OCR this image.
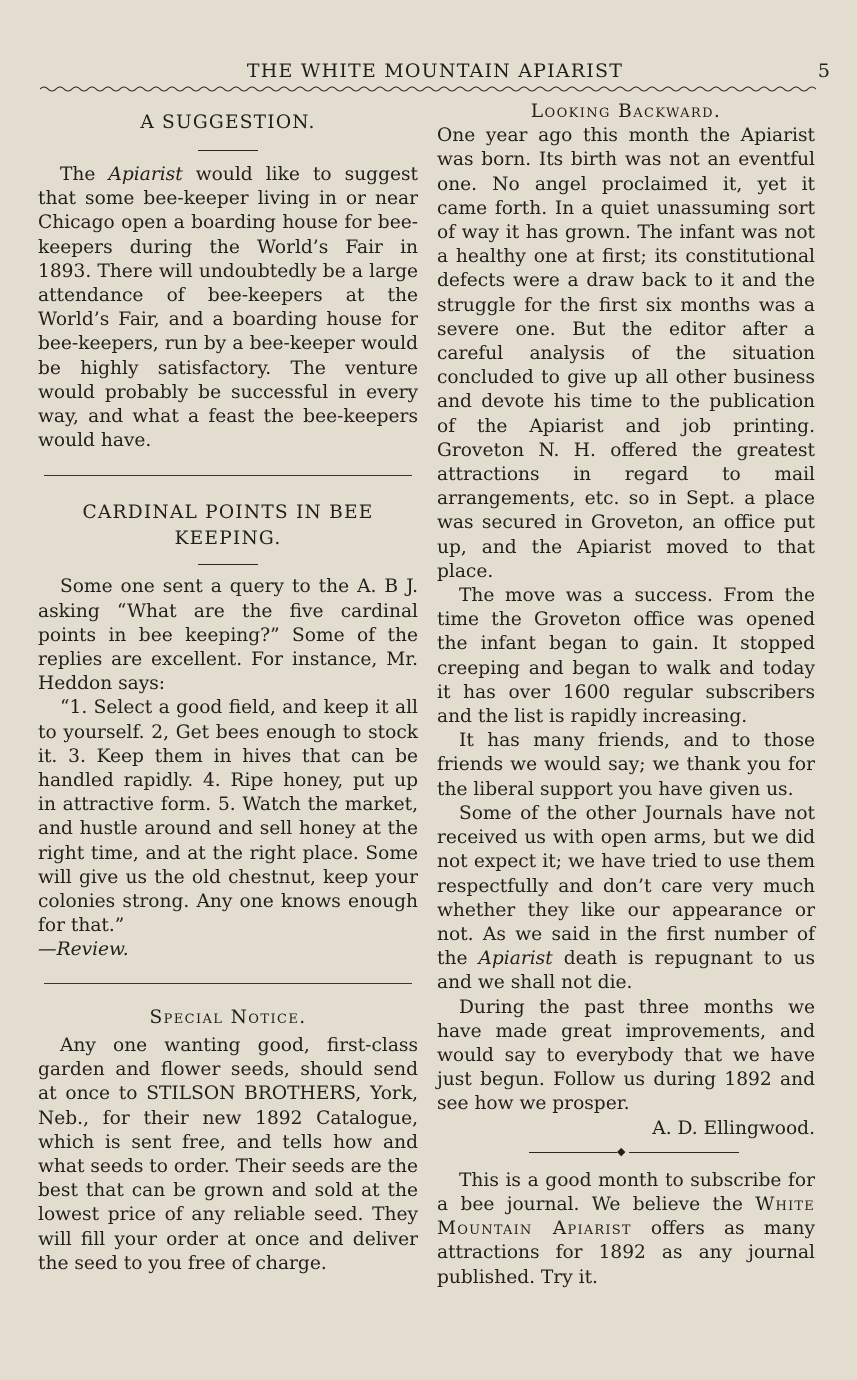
THE WHITE MOUNTAIN APIARIST	5
A SUGGESTION.

The Apiarist would like to suggest that some bee-keeper living in or near Chicago open a boarding house for bee-keepers during the World’s Fair in 1893. There will undoubtedly be a large attendance of bee-keepers at the World’s Fair, and a boarding house for bee-keepers, run by a bee-keeper would be highly satisfactory. The venture would probably be successful in every way, and what a feast the bee-keepers would have.

CARDINAL POINTS IN BEE
KEEPING.

Some one sent a query to the A. B J. asking “What are the five cardinal points in bee keeping?” Some of the replies are excellent. For instance, Mr. Heddon says:

“1. Select a good field, and keep it all to yourself. 2, Get bees enough to stock it. 3. Keep them in hives that can be handled rapidly. 4. Ripe honey, put up in attractive form. 5. Watch the market, and hustle around and sell honey at the right time, and at the right place. Some will give us the old chestnut, keep your colonies strong. Any one knows enough for that.”

—Review.

Special Notice.

Any one wanting good, first-class garden and flower seeds, should send at once to STILSON BROTHERS, York, Neb., for their new 1892 Catalogue, which is sent free, and tells how and what seeds to order. Their seeds are the best that can be grown and sold at the lowest price of any reliable seed. They will fill your order at once and deliver the seed to you free of charge.

Looking Backward.

One year ago this month the Apiarist was born. Its birth was not an eventful one. No angel proclaimed it, yet it came forth. In a quiet unassuming sort of way it has grown. The infant was not a healthy one at first; its constitutional defects were a draw back to it and the struggle for the first six months was a severe one. But the editor after a careful analysis of the situation concluded to give up all other business and devote his time to the publication of the Apiarist and job printing. Groveton N. H. offered the greatest attractions in regard to mail arrangements, etc. so in Sept. a place was secured in Groveton, an office put up, and the Apiarist moved to that place.

The move was a success. From the time the Groveton office was opened the infant began to gain. It stopped creeping and began to walk and today it has over 1600 regular subscribers and the list is rapidly increasing.

It has many friends, and to those friends we would say; we thank you for the liberal support you have given us.

Some of the other Journals have not received us with open arms, but we did not expect it; we have tried to use them respectfully and don’t care very much whether they like our appearance or not. As we said in the first number of the Apiarist death is repugnant to us and we shall not die.

During the past three months we have made great improvements, and would say to everybody that we have just begun. Follow us during 1892 and see how we prosper.

A. D. Ellingwood.

◆

This is a good month to subscribe for a bee journal. We believe the White Mountain Apiarist offers as many attractions for 1892 as any journal published. Try it.
